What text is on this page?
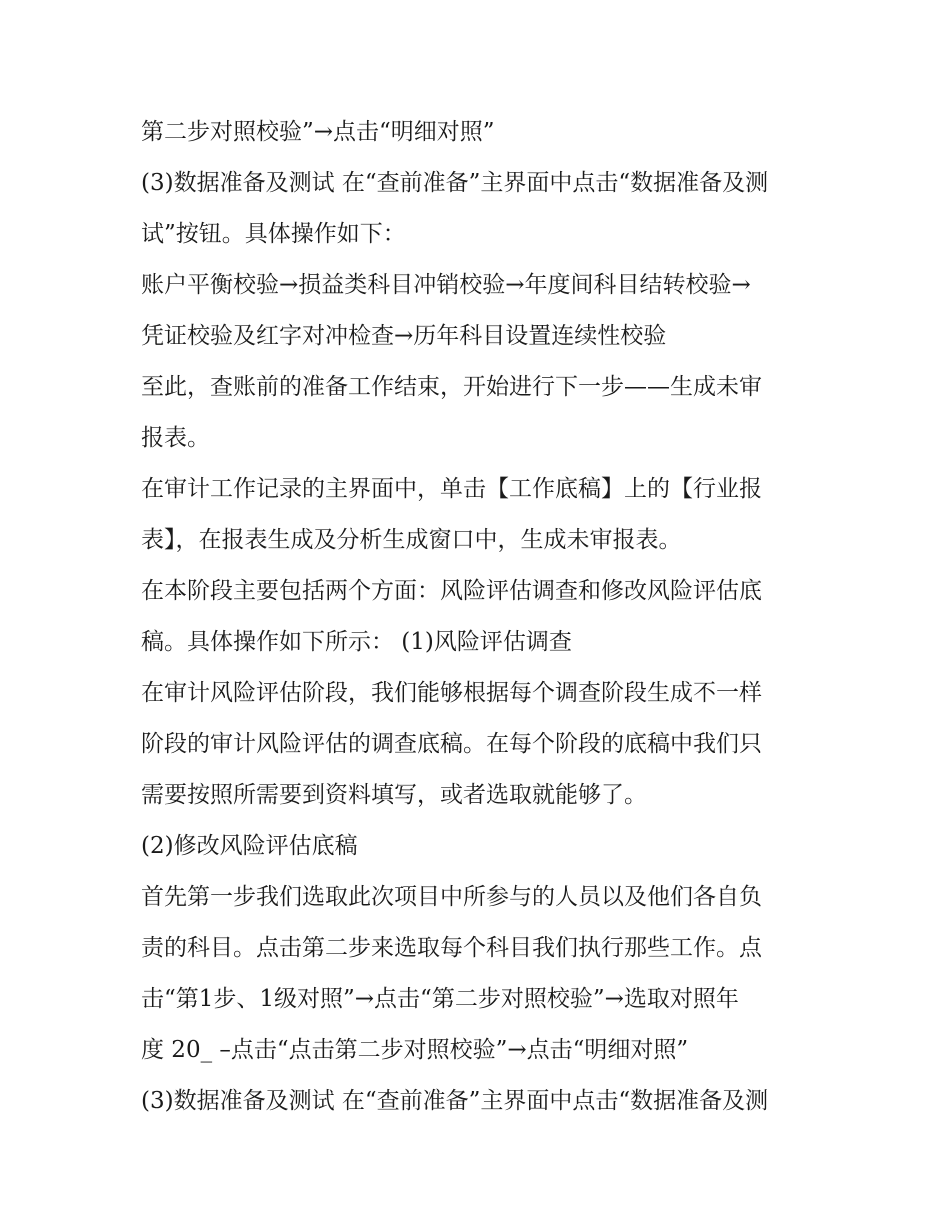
第二步对照校验”→点击“明细对照”
(3)数据准备及测试 在“查前准备”主界面中点击“数据准备及测
试”按钮。具体操作如下：
账户平衡校验→损益类科目冲销校验→年度间科目结转校验→
凭证校验及红字对冲检查→历年科目设置连续性校验
至此，查账前的准备工作结束，开始进行下一步——生成未审
报表。
在审计工作记录的主界面中，单击【工作底稿】上的【行业报
表】，在报表生成及分析生成窗口中，生成未审报表。
在本阶段主要包括两个方面：风险评估调查和修改风险评估底
稿。具体操作如下所示： (1)风险评估调查
在审计风险评估阶段，我们能够根据每个调查阶段生成不一样
阶段的审计风险评估的调查底稿。在每个阶段的底稿中我们只
需要按照所需要到资料填写，或者选取就能够了。
(2)修改风险评估底稿
首先第一步我们选取此次项目中所参与的人员以及他们各自负
责的科目。点击第二步来选取每个科目我们执行那些工作。点
击“第1步、1级对照”→点击“第二步对照校验”→选取对照年
度 20_ –点击“点击第二步对照校验”→点击“明细对照”
(3)数据准备及测试 在“查前准备”主界面中点击“数据准备及测
